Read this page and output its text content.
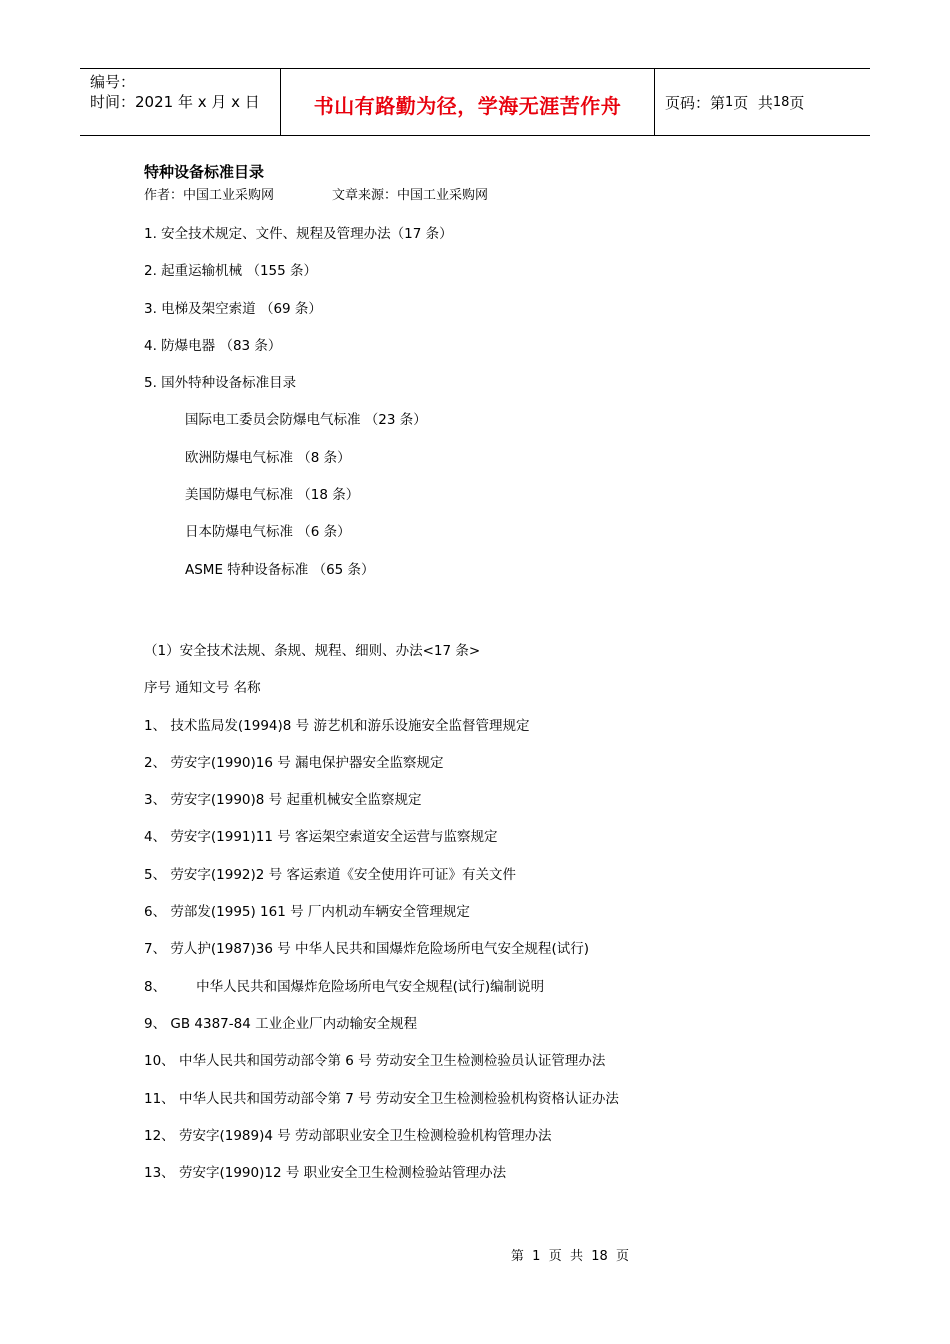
编号：
时间：2021 年 x 月 x 日	书山有路勤为径，学海无涯苦作舟	页码：第 1 页  共 18 页
特种设备标准目录
作者：中国工业采购网	文章来源：中国工业采购网
1. 安全技术规定、文件、规程及管理办法（17 条）
2. 起重运输机械 （155 条）
3. 电梯及架空索道 （69 条）
4. 防爆电器 （83 条）
5. 国外特种设备标准目录
国际电工委员会防爆电气标准 （23 条）
欧洲防爆电气标准 （8 条）
美国防爆电气标准 （18 条）
日本防爆电气标准 （6 条）
ASME 特种设备标准 （65 条）
（1）安全技术法规、条规、规程、细则、办法<17 条>
序号 通知文号 名称
1、 技术监局发(1994)8 号 游艺机和游乐设施安全监督管理规定
2、 劳安字(1990)16 号 漏电保护器安全监察规定
3、 劳安字(1990)8 号 起重机械安全监察规定
4、 劳安字(1991)11 号 客运架空索道安全运营与监察规定
5、 劳安字(1992)2 号 客运索道《安全使用许可证》有关文件
6、 劳部发(1995) 161 号 厂内机动车辆安全管理规定
7、 劳人护(1987)36 号 中华人民共和国爆炸危险场所电气安全规程(试行)
8、       中华人民共和国爆炸危险场所电气安全规程(试行)编制说明
9、 GB 4387-84 工业企业厂内动输安全规程
10、 中华人民共和国劳动部令第 6 号 劳动安全卫生检测检验员认证管理办法
11、 中华人民共和国劳动部令第 7 号 劳动安全卫生检测检验机构资格认证办法
12、 劳安字(1989)4 号 劳动部职业安全卫生检测检验机构管理办法
13、 劳安字(1990)12 号 职业安全卫生检测检验站管理办法
第  1  页  共  18  页
